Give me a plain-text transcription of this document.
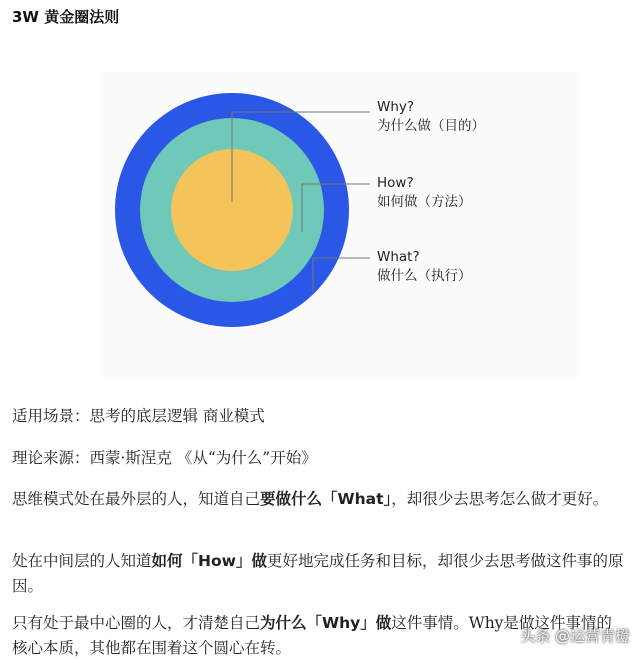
3W 黄金圈法则
Why?
为什么做（目的）
How?
如何做（方法）
What?
做什么（执行）
适用场景：思考的底层逻辑 商业模式
理论来源：西蒙·斯涅克 《从“为什么”开始》
思维模式处在最外层的人，知道自己要做什么「What」，却很少去思考怎么做才更好。
处在中间层的人知道如何「How」做更好地完成任务和目标，却很少去思考做这件事的原因。
只有处于最中心圈的人，才清楚自己为什么「Why」做这件事情。Why是做这件事情的核心本质，其他都在围着这个圆心在转。
头条 @运营青橙
